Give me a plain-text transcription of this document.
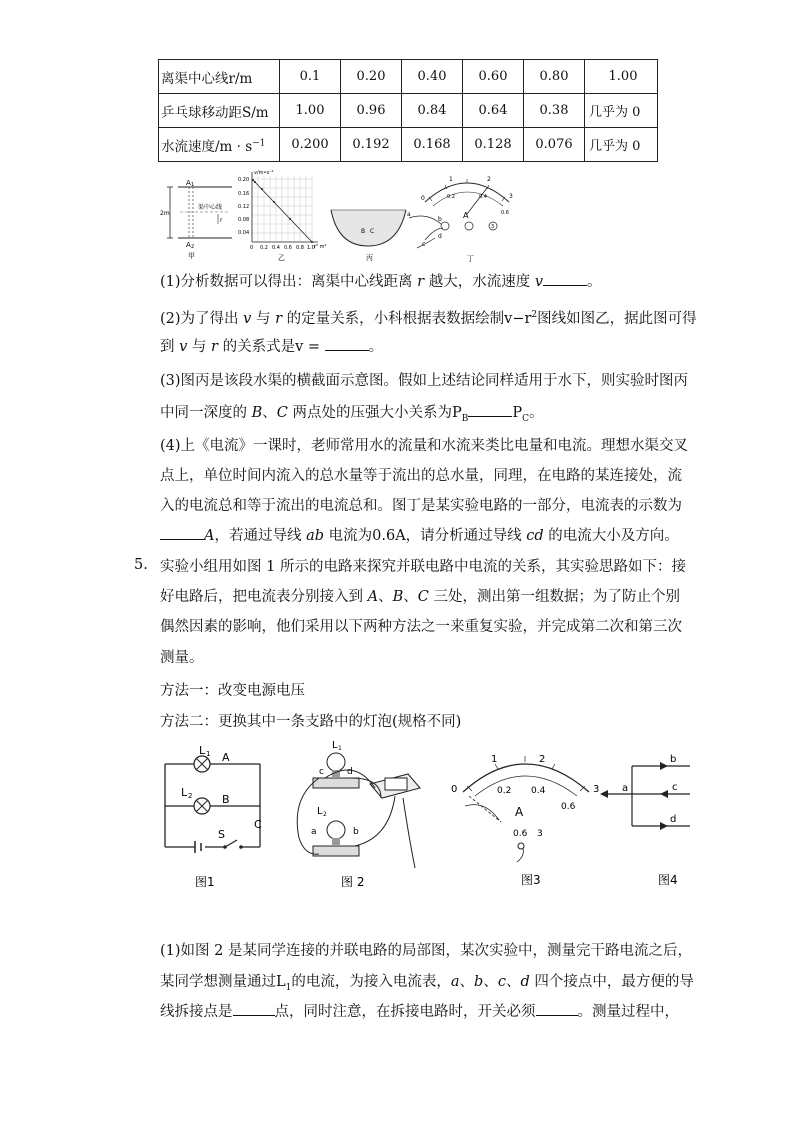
离渠中心线r/m	0.1	0.20	0.40	0.60	0.80	1.00
乒乓球移动距S/m	1.00	0.96	0.84	0.64	0.38	几乎为 0
水流速度$/m \cdot s^{-1}$	0.200	0.192	0.168	0.128	0.076	几乎为 0
A 1
A 2
2m
渠中心线
r
甲
v/m•s⁻¹
0.20
0.16
0.12
0.08
0.04
0 0.2 0.4 0.6 0.8 1.0 r² m²
乙
B C
丙
0
1	2
3
0.2	0.4
0.6
A
3
a
b
c
d
丁
(1)分析数据可以得出：离渠中心线距离 r 越大，水流速度 v	。
(2)为了得出 v 与 r 的定量关系，小科根据表数据绘制$v-r^2$图线如图乙，据此图可得
到 v 与 r 的关系式是v =	。
(3)图丙是该段水渠的横截面示意图。假如上述结论同样适用于水下，则实验时图丙
中同一深度的 B、C 两点处的压强大小关系为$P_B$	$P_C$。
(4)上《电流》一课时，老师常用水的流量和水流来类比电量和电流。理想水渠交叉
点上，单位时间内流入的总水量等于流出的总水量，同理，在电路的某连接处，流
入的电流总和等于流出的电流总和。图丁是某实验电路的一部分，电流表的示数为
A，若通过导线 ab 电流为0.6A，请分析通过导线 cd 的电流大小及方向。
5. 实验小组用如图 1 所示的电路来探究并联电路中电流的关系，其实验思路如下：接
好电路后，把电流表分别接入到 A、B、C 三处，测出第一组数据；为了防止个别
偶然因素的影响，他们采用以下两种方法之一来重复实验，并完成第二次和第三次
测量。
方法一：改变电源电压
方法二：更换其中一条支路中的灯泡(规格不同)
L 1
L 2
A
B
C
S
图1
L 1
c	d
L 2
a	b
图 2
0
1	2
3
0.2 0.4
0.6
A
0.6 3
图3
a
b
c
d
图4
(1)如图 2 是某同学连接的并联电路的局部图，某次实验中，测量完干路电流之后，
某同学想测量通过$L_1$的电流，为接入电流表，a、b、c、d 四个接点中，最方便的导
线拆接点是	点，同时注意，在拆接电路时，开关必须	。测量过程中，
